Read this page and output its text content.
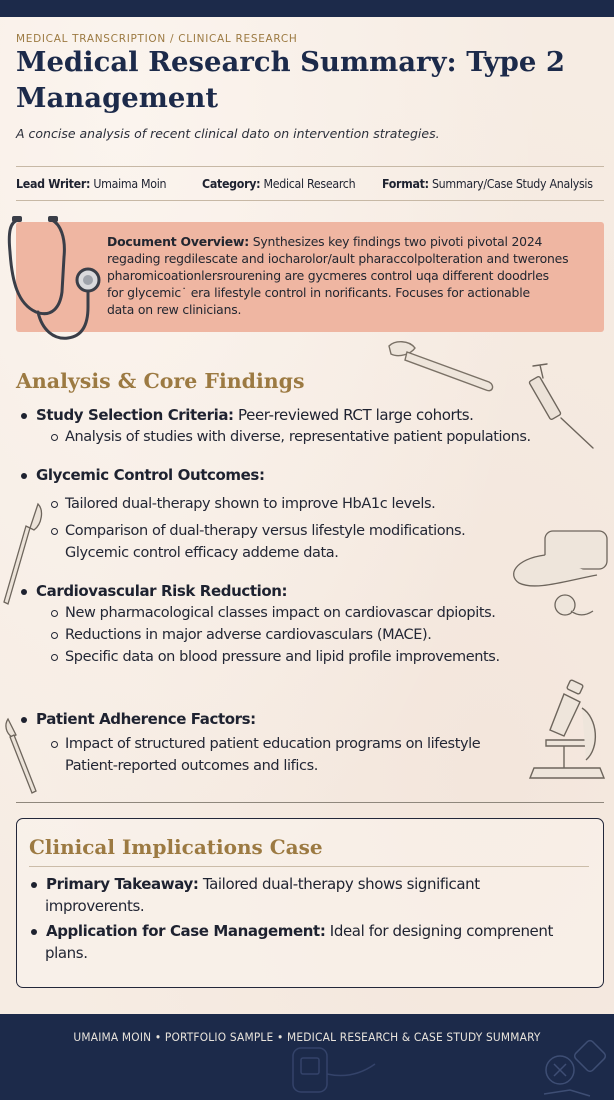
MEDICAL TRANSCRIPTION / CLINICAL RESEARCH
Medical Research Summary: Type 2 Management
A concise analysis of recent clinical dato on intervention strategies.
Lead Writer: Umaima Moin	Category: Medical Research Format: Summary/Case Study Analysis
Document Overview: Synthesizes key findings two pivoti pivotal 2024
regading regdilescate and iocharolor/ault pharaccolpolteration and twerones
pharomicoationlersrourening are gycmeres control uqa different doodrles
for glycemic˙ era lifestyle control in norificants. Focuses for actionable
data on rew clinicians.
Analysis & Core Findings
Study Selection Criteria: Peer-reviewed RCT large cohorts.
Analysis of studies with diverse, representative patient populations.
Glycemic Control Outcomes:
Tailored dual-therapy shown to improve HbA1c levels.
Comparison of dual-therapy versus lifestyle modifications.
Glycemic control efficacy addeme data.
Cardiovascular Risk Reduction:
New pharmacological classes impact on cardiovascar dpiopits.
Reductions in major adverse cardiovasculars (MACE).
Specific data on blood pressure and lipid profile improvements.
Patient Adherence Factors:
Impact of structured patient education programs on lifestyle
Patient-reported outcomes and lifics.
Clinical Implications Case
Primary Takeaway: Tailored dual-therapy shows significant
improverents.
Application for Case Management: Ideal for designing comprenent
plans.
UMAIMA MOIN • PORTFOLIO SAMPLE • MEDICAL RESEARCH & CASE STUDY SUMMARY
